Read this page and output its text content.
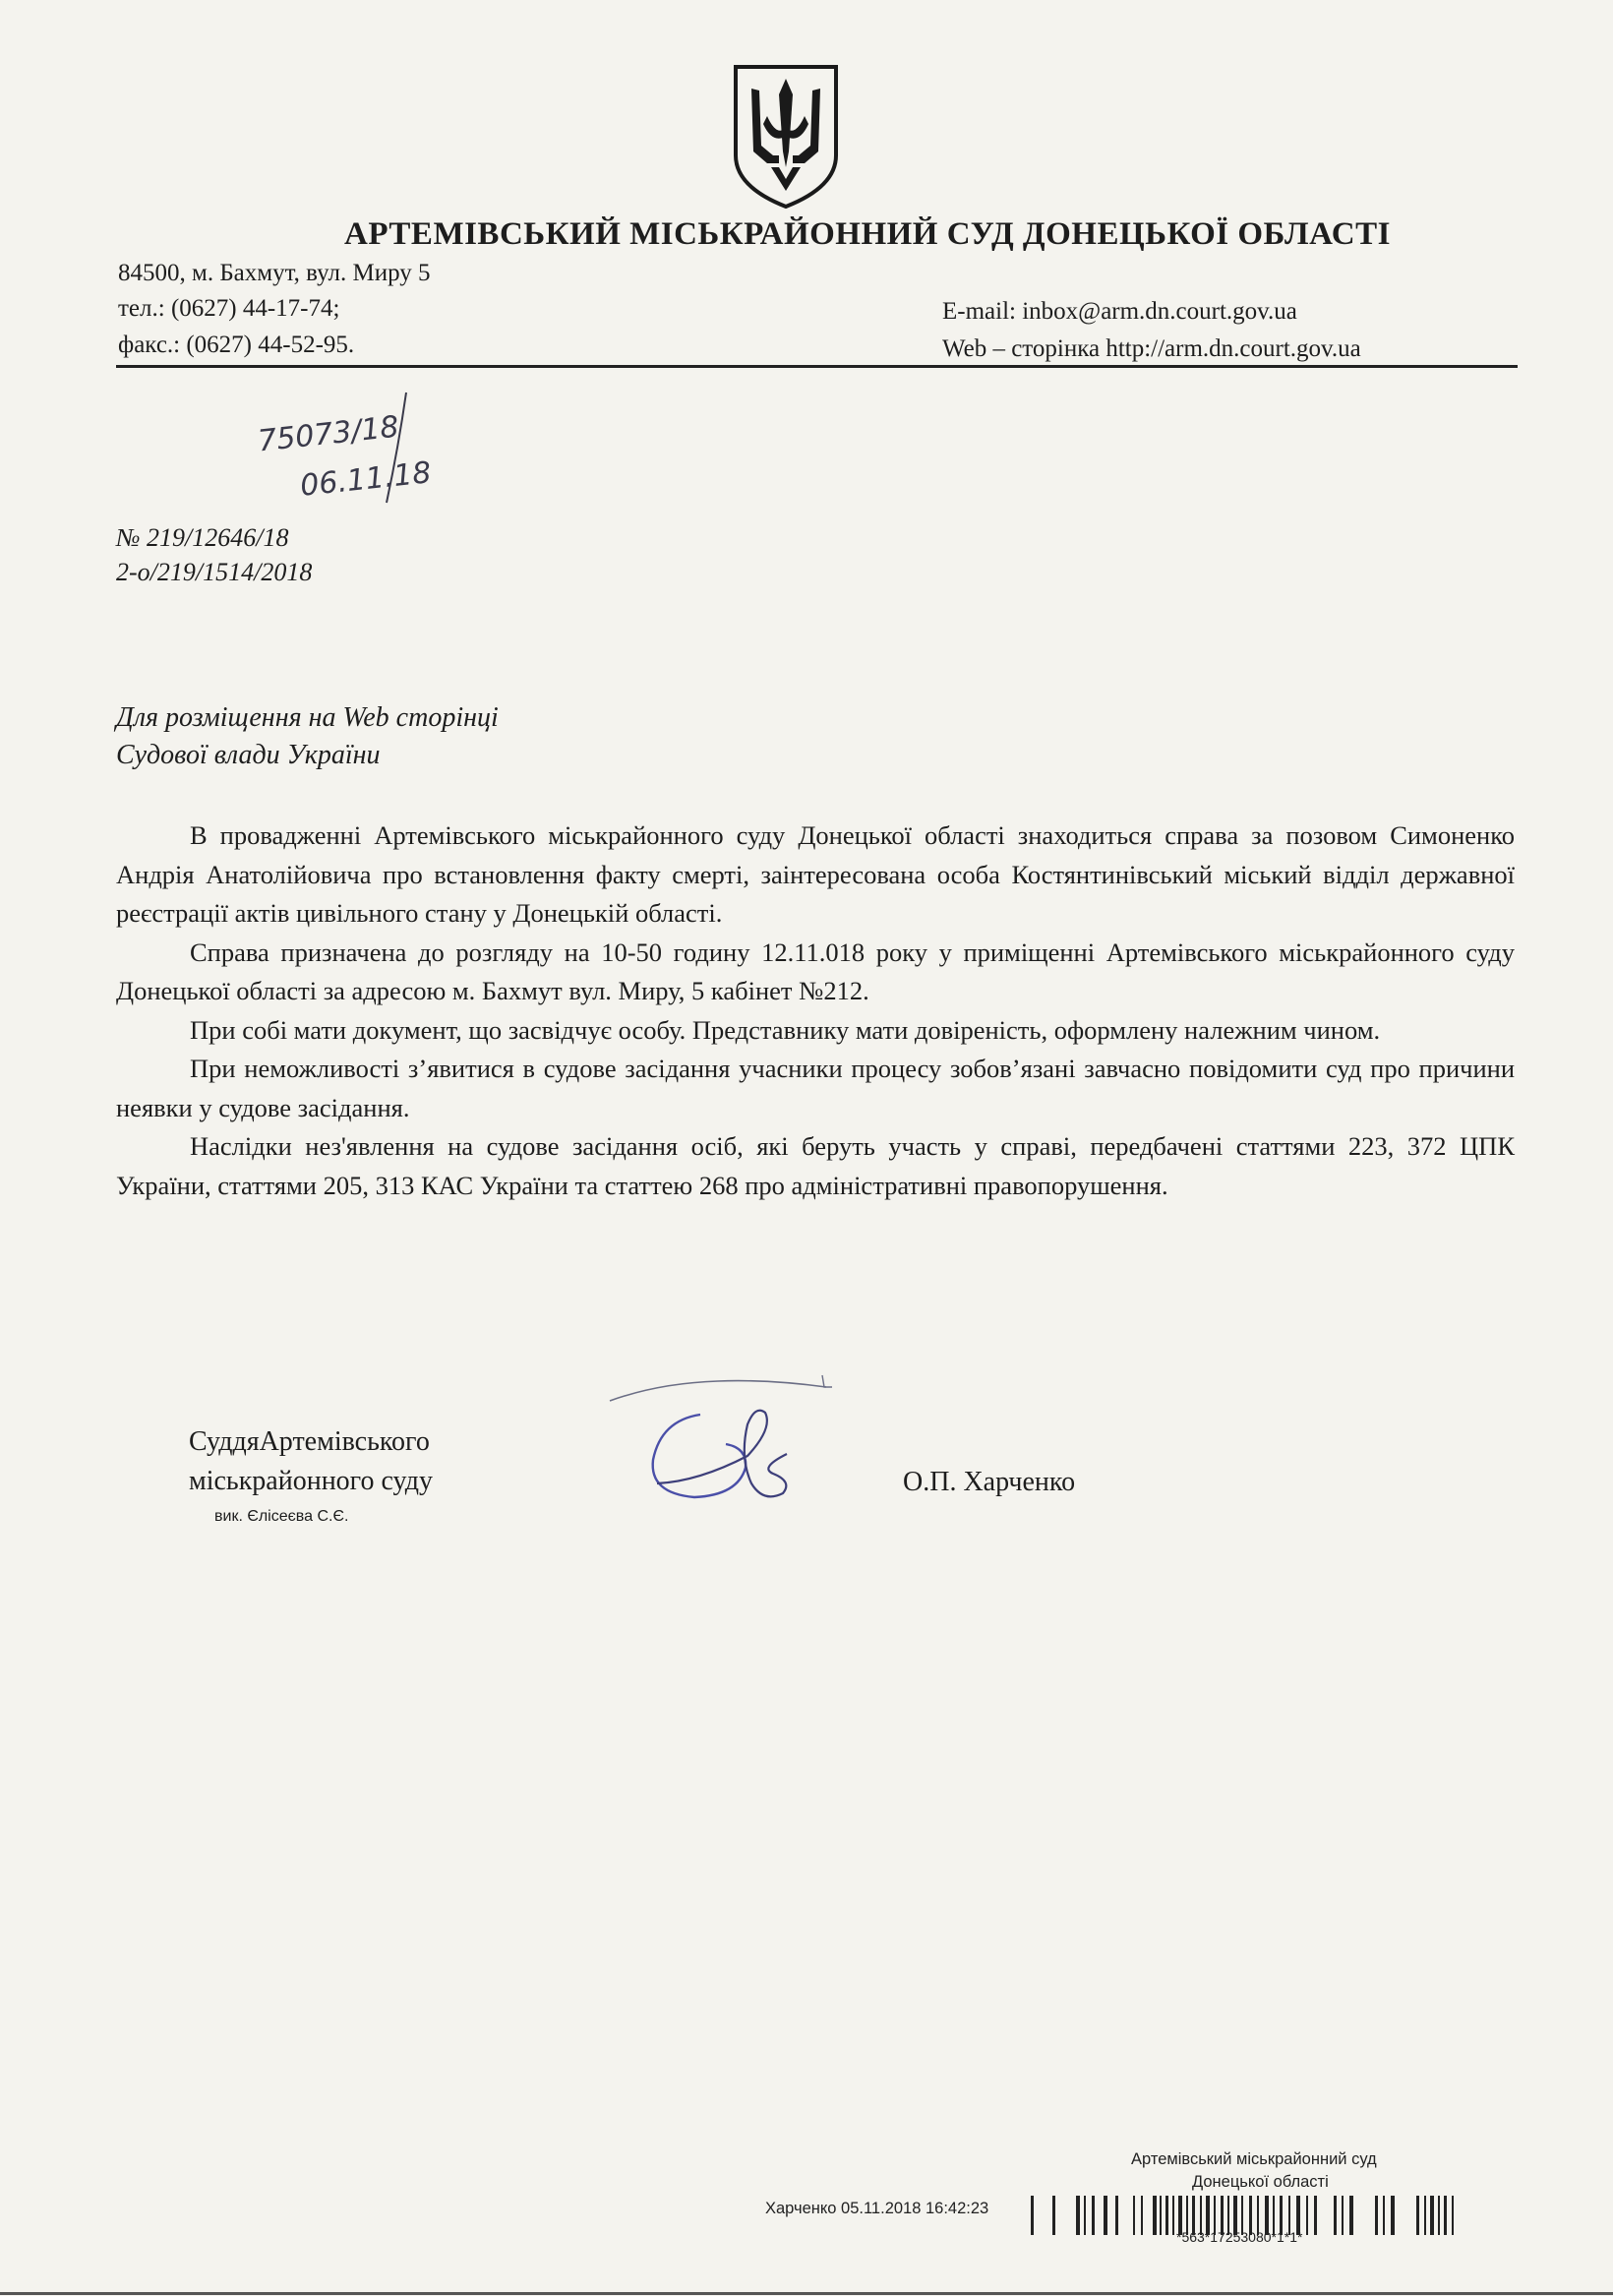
АРТЕМІВСЬКИЙ МІСЬКРАЙОННИЙ СУД ДОНЕЦЬКОЇ ОБЛАСТІ
84500, м. Бахмут, вул. Миру 5
тел.: (0627) 44-17-74;
факс.: (0627) 44-52-95.
E-mail: inbox@arm.dn.court.gov.ua
Web – сторінка http://arm.dn.court.gov.ua
75073/18
06.11.18
№ 219/12646/18
2-о/219/1514/2018
Для розміщення на Web сторінці
Судової влади України

В провадженні Артемівського міськрайонного суду Донецької області знаходиться справа за позовом Симоненко Андрія Анатолійовича про встановлення факту смерті, заінтересована особа Костянтинівський міський відділ державної реєстрації актів цивільного стану у Донецькій області.

Справа призначена до розгляду на 10-50 годину 12.11.018 року у приміщенні Артемівського міськрайонного суду Донецької області за адресою м. Бахмут вул. Миру, 5 кабінет №212.

При собі мати документ, що засвідчує особу. Представнику мати довіреність, оформлену належним чином.

При неможливості з’явитися в судове засідання учасники процесу зобов’язані завчасно повідомити суд про причини неявки у судове засідання.

Наслідки нез'явлення на судове засідання осіб, які беруть участь у справі, передбачені статтями 223, 372 ЦПК України, статтями 205, 313 КАС України та статтею 268 про адміністративні правопорушення.

СуддяАртемівського
міськрайонного суду
вик. Єлісеєва С.Є.
О.П. Харченко
Артемівський міськрайонний суд
Донецької області
Харченко 05.11.2018 16:42:23
*563*17253080*1*1*
